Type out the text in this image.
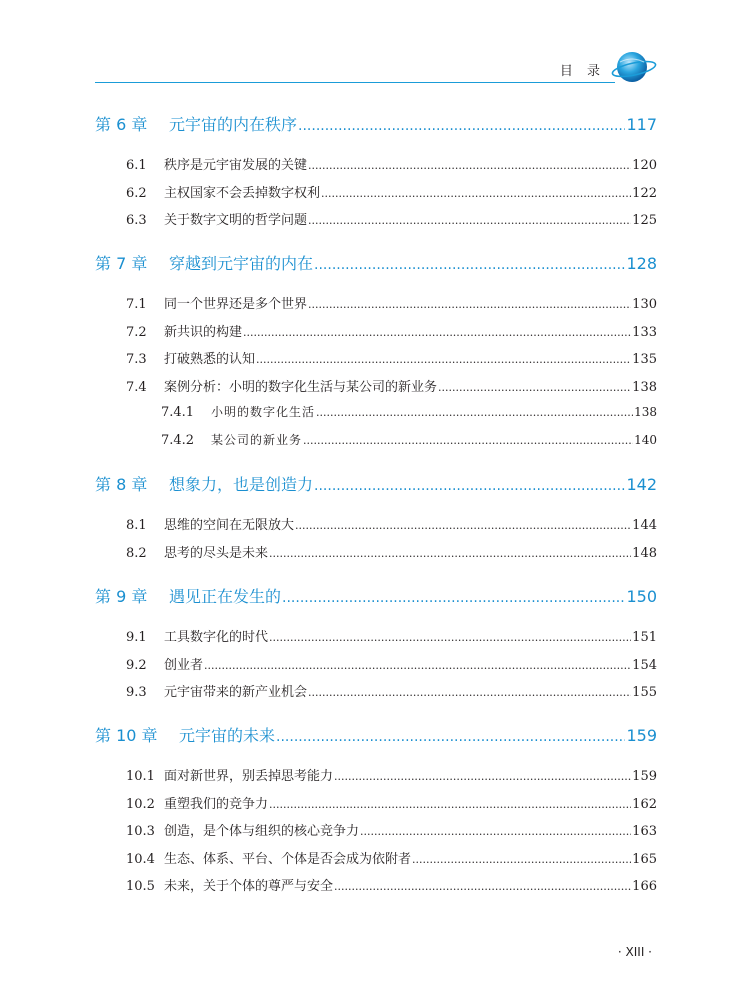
目 录
第 6 章	元宇宙的内在秩序 .....	117
6.1	秩序是元宇宙发展的关键 .....	120
6.2	主权国家不会丢掉数字权利 .....	122
6.3	关于数字文明的哲学问题 .....	125
第 7 章	穿越到元宇宙的内在 .....	128
7.1	同一个世界还是多个世界 .....	130
7.2	新共识的构建 .....	133
7.3	打破熟悉的认知 .....	135
7.4	案例分析：小明的数字化生活与某公司的新业务 .....	138
7.4.1	小明的数字化生活 .....	138
7.4.2	某公司的新业务 .....	140
第 8 章	想象力，也是创造力 .....	142
8.1	思维的空间在无限放大 .....	144
8.2	思考的尽头是未来 .....	148
第 9 章	遇见正在发生的 .....	150
9.1	工具数字化的时代 .....	151
9.2	创业者 .....	154
9.3	元宇宙带来的新产业机会 .....	155
第 10 章	元宇宙的未来 .....	159
10.1 面对新世界，别丢掉思考能力 .....	159
10.2 重塑我们的竞争力 .....	162
10.3 创造，是个体与组织的核心竞争力 .....	163
10.4 生态、体系、平台、个体是否会成为依附者 .....	165
10.5 未来，关于个体的尊严与安全 .....	166
· XIII ·
